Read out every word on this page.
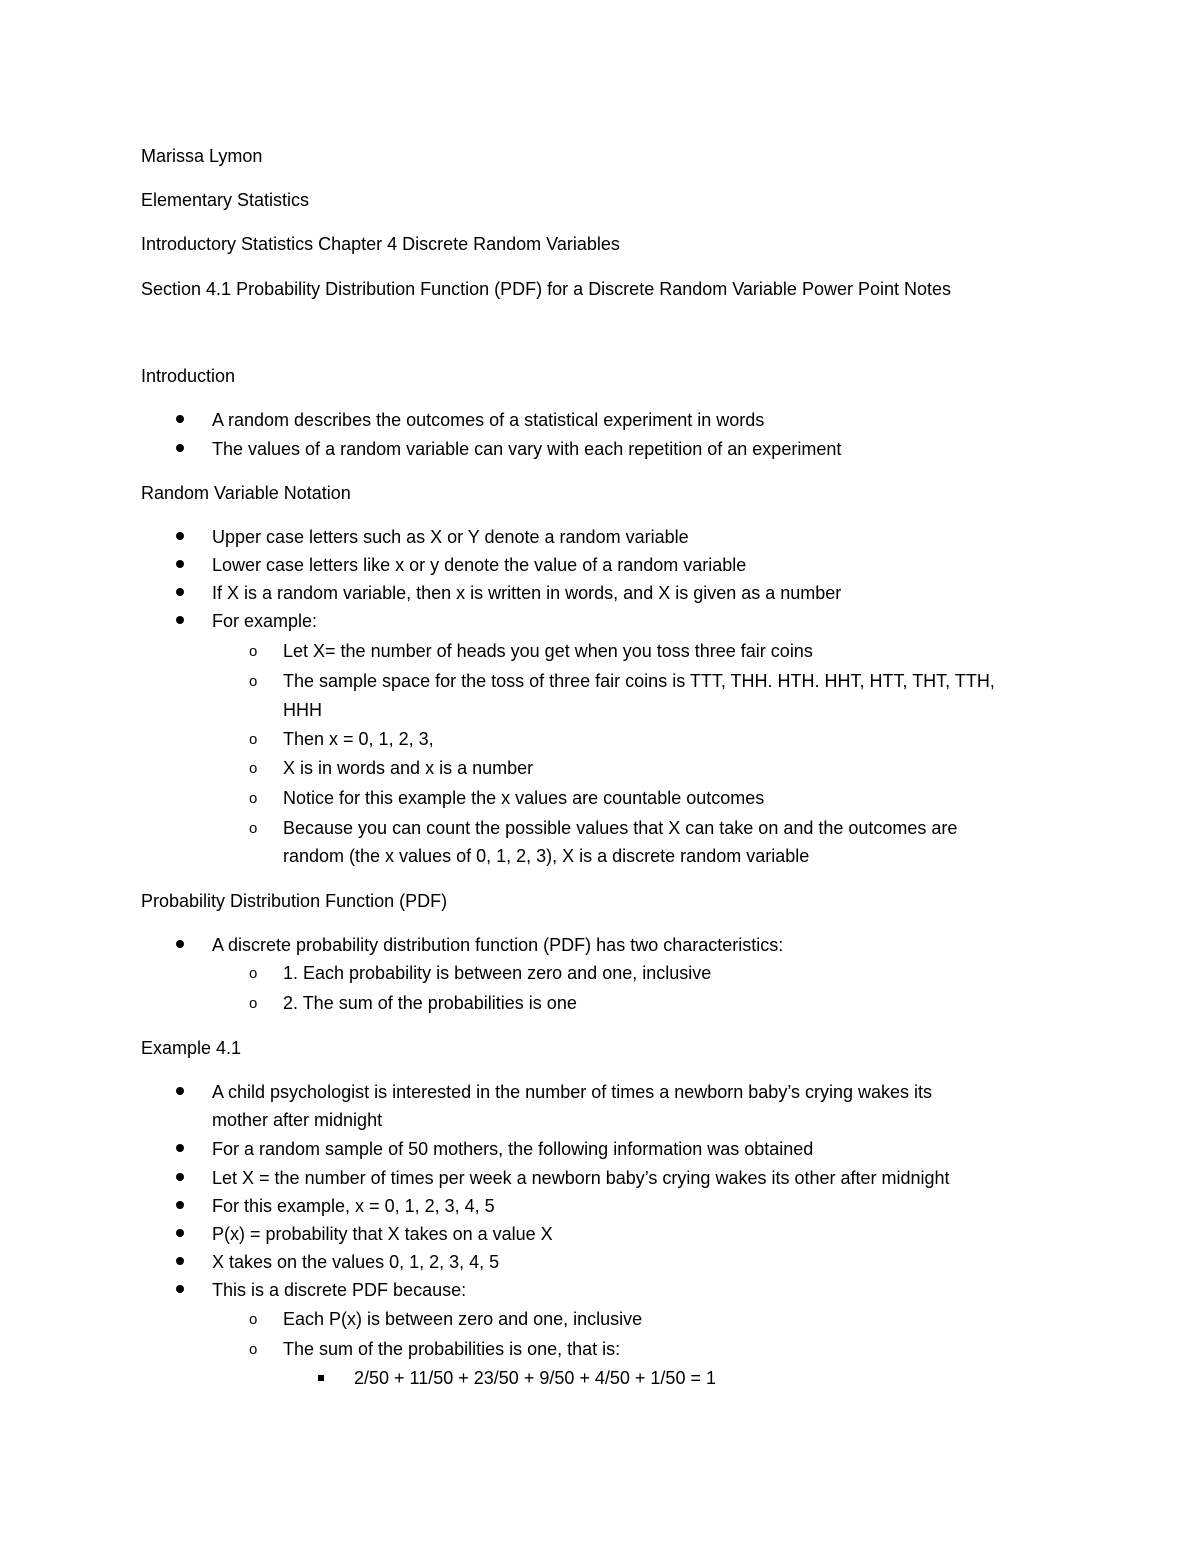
Marissa Lymon
Elementary Statistics
Introductory Statistics Chapter 4 Discrete Random Variables
Section 4.1 Probability Distribution Function (PDF) for a Discrete Random Variable Power Point Notes
Introduction
A random describes the outcomes of a statistical experiment in words
The values of a random variable can vary with each repetition of an experiment
Random Variable Notation
Upper case letters such as X or Y denote a random variable
Lower case letters like x or y denote the value of a random variable
If X is a random variable, then x is written in words, and X is given as a number
For example:
o Let X= the number of heads you get when you toss three fair coins
o The sample space for the toss of three fair coins is TTT, THH. HTH. HHT, HTT, THT, TTH,
HHH
o Then x = 0, 1, 2, 3,
o X is in words and x is a number
o Notice for this example the x values are countable outcomes
o Because you can count the possible values that X can take on and the outcomes are
random (the x values of 0, 1, 2, 3), X is a discrete random variable
Probability Distribution Function (PDF)
A discrete probability distribution function (PDF) has two characteristics:
o 1. Each probability is between zero and one, inclusive
o 2. The sum of the probabilities is one
Example 4.1
A child psychologist is interested in the number of times a newborn baby’s crying wakes its
mother after midnight
For a random sample of 50 mothers, the following information was obtained
Let X = the number of times per week a newborn baby’s crying wakes its other after midnight
For this example, x = 0, 1, 2, 3, 4, 5
P(x) = probability that X takes on a value X
X takes on the values 0, 1, 2, 3, 4, 5
This is a discrete PDF because:
o Each P(x) is between zero and one, inclusive
o The sum of the probabilities is one, that is:
2/50 + 11/50 + 23/50 + 9/50 + 4/50 + 1/50 = 1
